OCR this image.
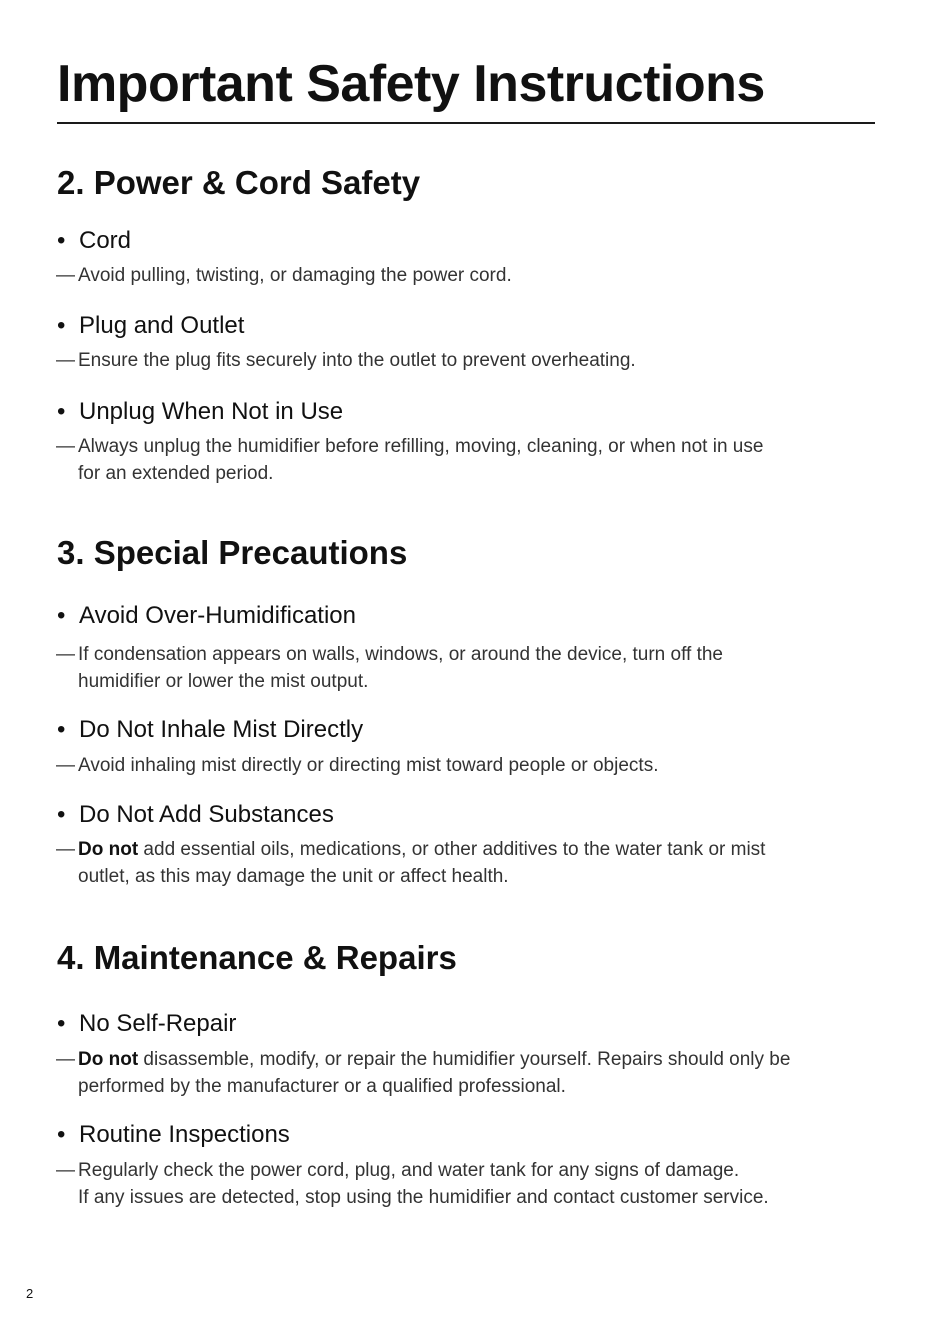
Important Safety Instructions
2. Power & Cord Safety
• Cord
— Avoid pulling, twisting, or damaging the power cord.
• Plug and Outlet
— Ensure the plug fits securely into the outlet to prevent overheating.
• Unplug When Not in Use
— Always unplug the humidifier before refilling, moving, cleaning, or when not in use
for an extended period.
3. Special Precautions
• Avoid Over-Humidification
— If condensation appears on walls, windows, or around the device, turn off the
humidifier or lower the mist output.
• Do Not Inhale Mist Directly
— Avoid inhaling mist directly or directing mist toward people or objects.
• Do Not Add Substances
— Do not add essential oils, medications, or other additives to the water tank or mist
outlet, as this may damage the unit or affect health.
4. Maintenance & Repairs
• No Self-Repair
— Do not disassemble, modify, or repair the humidifier yourself. Repairs should only be
performed by the manufacturer or a qualified professional.
• Routine Inspections
— Regularly check the power cord, plug, and water tank for any signs of damage.
If any issues are detected, stop using the humidifier and contact customer service.
2
